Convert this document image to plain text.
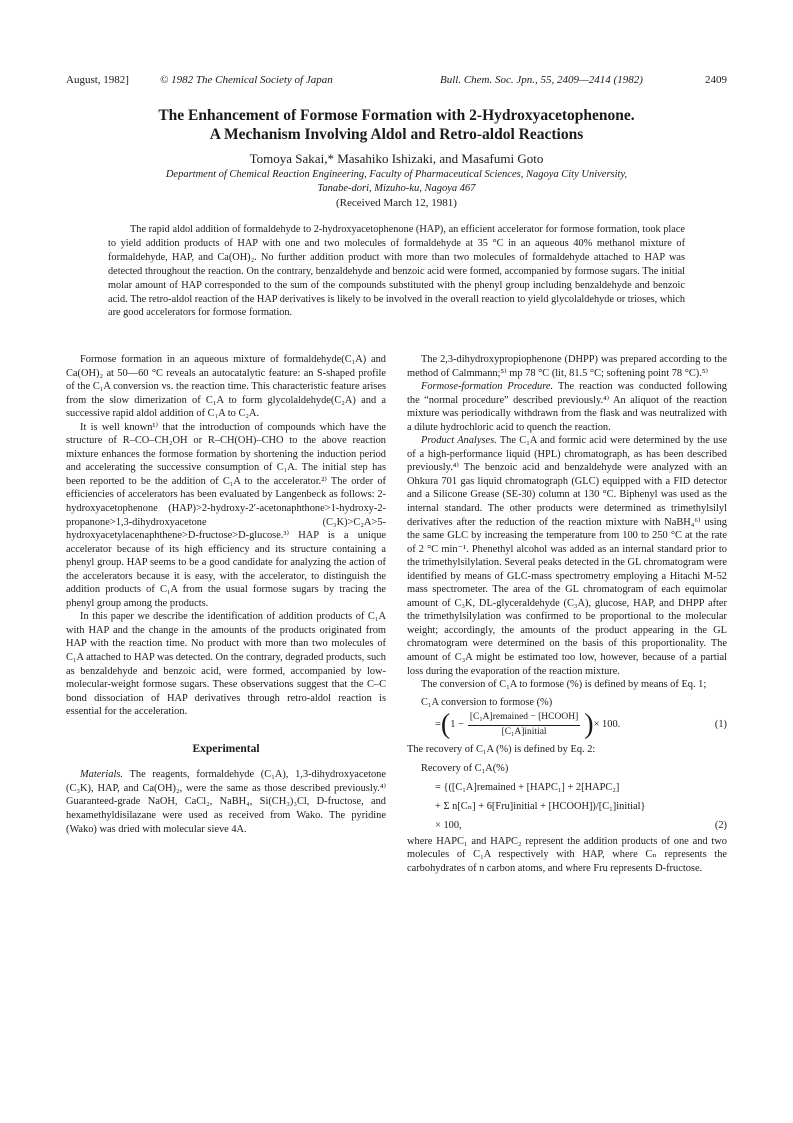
August, 1982]	© 1982 The Chemical Society of Japan	Bull. Chem. Soc. Jpn., 55, 2409—2414 (1982)	2409
The Enhancement of Formose Formation with 2-Hydroxyacetophenone.
A Mechanism Involving Aldol and Retro-aldol Reactions
Tomoya Sakai,* Masahiko Ishizaki, and Masafumi Goto
Department of Chemical Reaction Engineering, Faculty of Pharmaceutical Sciences, Nagoya City University,
Tanabe-dori, Mizuho-ku, Nagoya 467
(Received March 12, 1981)

The rapid aldol addition of formaldehyde to 2-hydroxyacetophenone (HAP), an efficient accelerator for formose formation, took place to yield addition products of HAP with one and two molecules of formaldehyde at 35 °C in an aqueous 40% methanol mixture of formaldehyde, HAP, and Ca(OH)₂. No further addition product with more than two molecules of formaldehyde attached to HAP was detected throughout the reaction. On the contrary, benzaldehyde and benzoic acid were formed, accompanied by formose sugars. The initial molar amount of HAP corresponded to the sum of the compounds substituted with the phenyl group including benzaldehyde and benzoic acid. The retro-aldol reaction of the HAP derivatives is likely to be involved in the overall reaction to yield glycolaldehyde or trioses, which are good accelerators for formose formation.

Formose formation in an aqueous mixture of formaldehyde(C₁A) and Ca(OH)₂ at 50—60 °C reveals an autocatalytic feature: an S-shaped profile of the C₁A conversion vs. the reaction time. This characteristic feature arises from the slow dimerization of C₁A to form glycolaldehyde(C₂A) and a successive rapid aldol addition of C₁A to C₂A.

It is well known¹⁾ that the introduction of compounds which have the structure of R–CO–CH₂OH or R–CH(OH)–CHO to the above reaction mixture enhances the formose formation by shortening the induction period and accelerating the successive consumption of C₁A. The initial step has been reported to be the addition of C₁A to the accelerator.²⁾ The order of efficiencies of accelerators has been evaluated by Langenbeck as follows: 2-hydroxyacetophenone (HAP)>2-hydroxy-2′-acetonaphthone>1-hydroxy-2-propanone>1,3-dihydroxyacetone (C₃K)>C₂A>5-hydroxyacetylacenaphthene>D-fructose>D-glucose.³⁾ HAP is a unique accelerator because of its high efficiency and its structure containing a phenyl group. HAP seems to be a good candidate for analyzing the action of the accelerators because it is easy, with the accelerator, to distinguish the addition products of C₁A from the usual formose sugars by tracing the phenyl group among the products.

In this paper we describe the identification of addition products of C₁A with HAP and the change in the amounts of the products originated from HAP with the reaction time. No product with more than two molecules of C₁A attached to HAP was detected. On the contrary, degraded products, such as benzaldehyde and benzoic acid, were formed, accompanied by low-molecular-weight formose sugars. These observations suggest that the C–C bond dissociation of HAP derivatives through retro-aldol reaction is essential for the acceleration.

Experimental

Materials. The reagents, formaldehyde (C₁A), 1,3-dihydroxyacetone (C₃K), HAP, and Ca(OH)₂, were the same as those described previously.⁴⁾ Guaranteed-grade NaOH, CaCl₂, NaBH₄, Si(CH₃)₃Cl, D-fructose, and hexamethyldisilazane were used as received from Wako. The pyridine (Wako) was dried with molecular sieve 4A.

The 2,3-dihydroxypropiophenone (DHPP) was prepared according to the method of Calmmann;⁵⁾ mp 78 °C (lit, 81.5 °C; softening point 78 °C).⁵⁾

Formose-formation Procedure. The reaction was conducted following the “normal procedure” described previously.⁴⁾ An aliquot of the reaction mixture was periodically withdrawn from the flask and was neutralized with a dilute hydrochloric acid to quench the reaction.

Product Analyses. The C₁A and formic acid were determined by the use of a high-performance liquid (HPL) chromatograph, as has been described previously.⁴⁾ The benzoic acid and benzaldehyde were analyzed with an Ohkura 701 gas liquid chromatograph (GLC) equipped with a FID detector and a Silicone Grease (SE-30) column at 130 °C. Biphenyl was used as the internal standard. The other products were determined as trimethylsilyl derivatives after the reduction of the reaction mixture with NaBH₄⁶⁾ using the same GLC by increasing the temperature from 100 to 250 °C at the rate of 2 °C min⁻¹. Phenethyl alcohol was added as an internal standard prior to the trimethylsilylation. Several peaks detected in the GL chromatogram were identified by means of GLC-mass spectrometry employing a Hitachi M-52 mass spectrometer. The area of the GL chromatogram of each equimolar amount of C₃K, DL-glyceraldehyde (C₃A), glucose, HAP, and DHPP after the trimethylsilylation was confirmed to be proportional to the molecular weight; accordingly, the amounts of the product appearing in the GL chromatogram were determined on the basis of this proportionality. The amount of C₃A might be estimated too low, however, because of a partial loss during the evaporation of the reaction mixture.

The conversion of C₁A to formose (%) is defined by means of Eq. 1;

C₁A conversion to formose (%)

= ( $1 - \frac{\text{[C₁A]remained − [HCOOH]}}{\text{[C₁A]initial}}$ ) × 100.	(1)

The recovery of C₁A (%) is defined by Eq. 2:

Recovery of C₁A(%)
= {([C₁A]remained + [HAPC₁] + 2[HAPC₂]
+ Σ n[Cₙ] + 6[Fru]initial + [HCOOH])/[C₁]initial}
× 100,	(2)

where HAPC₁ and HAPC₂ represent the addition products of one and two molecules of C₁A respectively with HAP, where Cₙ represents the carbohydrates of n carbon atoms, and where Fru represents D-fructose.
